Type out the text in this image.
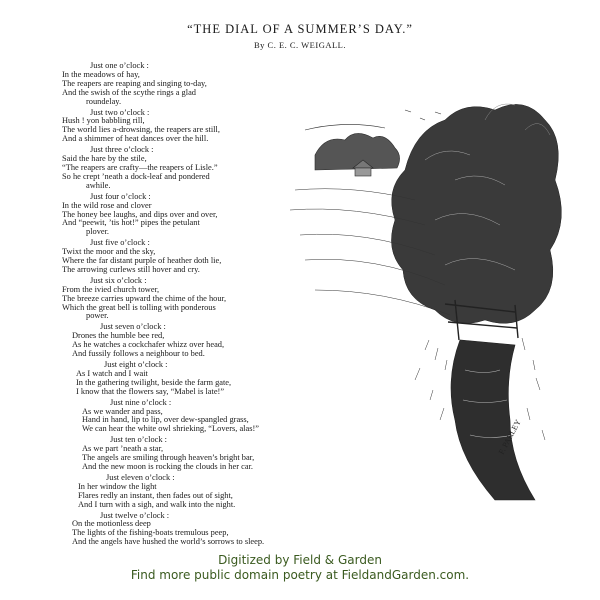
“THE DIAL OF A SUMMER’S DAY.”
By C. E. C. WEIGALL.

Just one o’clock :

In the meadows of hay,

The reapers are reaping and singing to-day,

And the swish of the scythe rings a glad

roundelay.

Just two o’clock :

Hush ! yon babbling rill,

The world lies a-drowsing, the reapers are still,

And a shimmer of heat dances over the hill.

Just three o’clock :

Said the hare by the stile,

“The reapers are crafty—the reapers of Lisle.”

So he crept ’neath a dock-leaf and pondered

awhile.

Just four o’clock :

In the wild rose and clover

The honey bee laughs, and dips over and over,

And “peewit, ’tis hot!” pipes the petulant

plover.

Just five o’clock :

Twixt the moor and the sky,

Where the far distant purple of heather doth lie,

The arrowing curlews still hover and cry.

Just six o’clock :

From the ivied church tower,

The breeze carries upward the chime of the hour,

Which the great bell is tolling with ponderous

power.

Just seven o’clock :

Drones the humble bee red,

As he watches a cockchafer whizz over head,

And fussily follows a neighbour to bed.

Just eight o’clock :

As I watch and I wait

In the gathering twilight, beside the farm gate,

I know that the flowers say, “Mabel is late!”

Just nine o’clock :

As we wander and pass,

Hand in hand, lip to lip, over dew-spangled grass,

We can hear the white owl shrieking, “Lovers, alas!”

Just ten o’clock :

As we part ’neath a star,

The angels are smiling through heaven’s bright bar,

And the new moon is rocking the clouds in her car.

Just eleven o’clock :

In her window the light

Flares redly an instant, then fades out of sight,

And I turn with a sigh, and walk into the night.

Just twelve o’clock :

On the motionless deep

The lights of the fishing-boats tremulous peep,

And the angels have hushed the world’s sorrows to sleep.

F. PARLEY
Digitized by Field & Garden
Find more public domain poetry at FieldandGarden.com.
